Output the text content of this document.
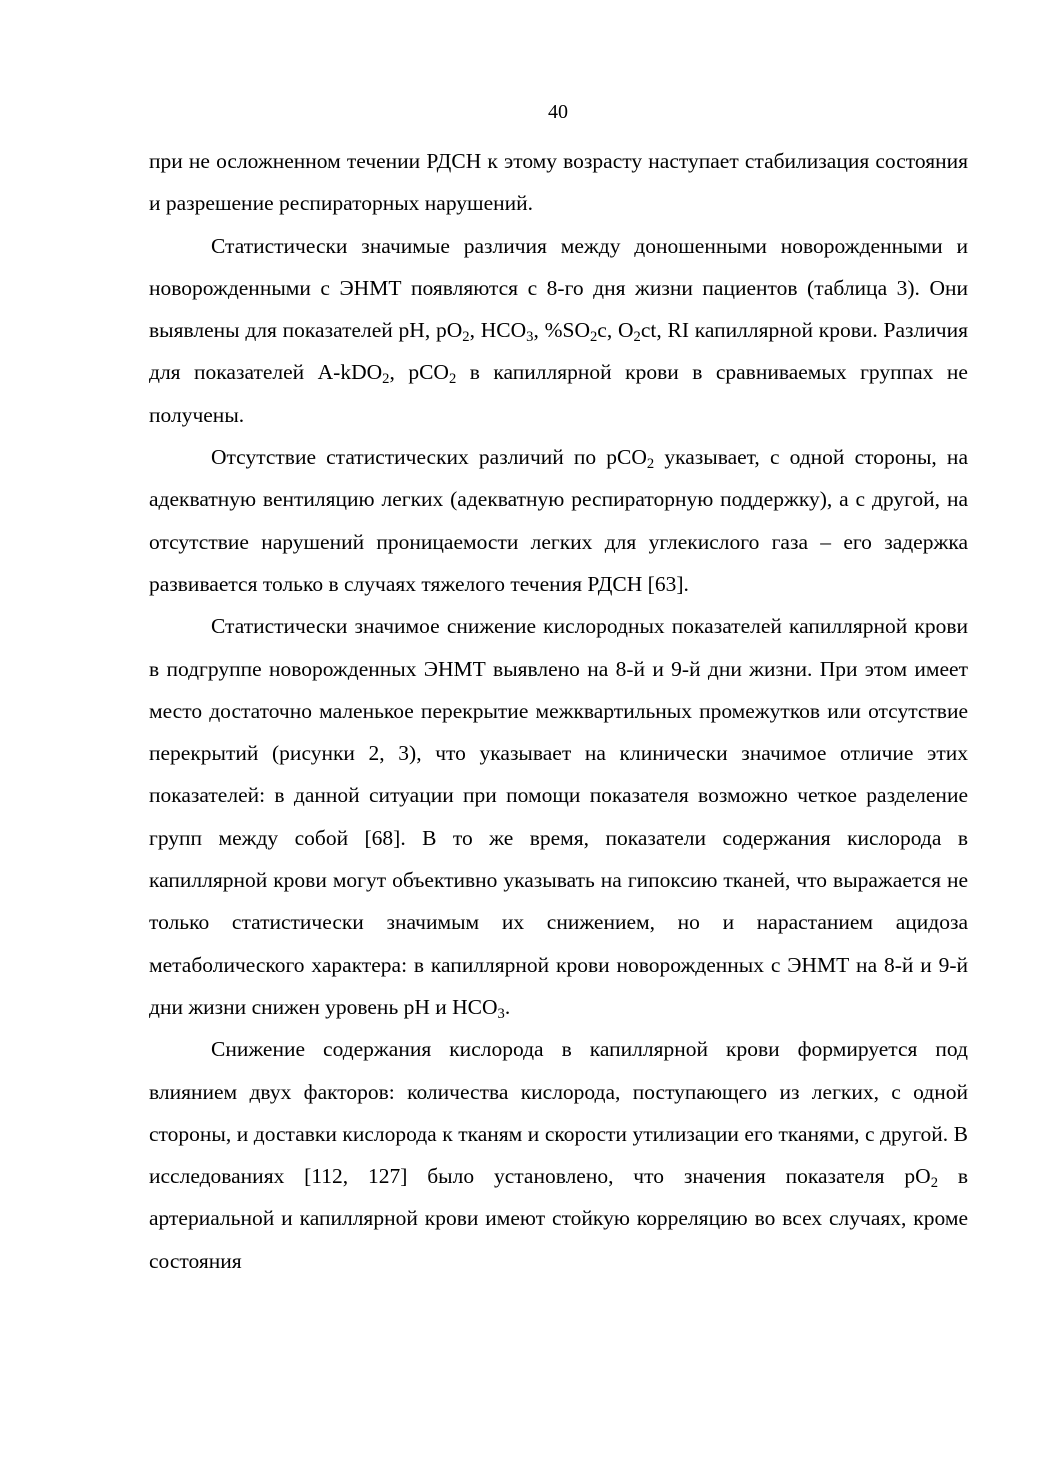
40

при не осложненном течении РДСН к этому возрасту наступает стабилизация состояния и разрешение респираторных нарушений.

Статистически значимые различия между доношенными новорожденными и новорожденными с ЭНМТ появляются с 8-го дня жизни пациентов (таблица 3). Они выявлены для показателей pH, $pO_2$, $HCO_3$, $\%SO_2c$, $O_2ct$, RI капиллярной крови. Различия для показателей A-kDO$_2$, pCO$_2$ в капиллярной крови в сравниваемых группах не получены.

Отсутствие статистических различий по pCO$_2$ указывает, с одной стороны, на адекватную вентиляцию легких (адекватную респираторную поддержку), а с другой, на отсутствие нарушений проницаемости легких для углекислого газа – его задержка развивается только в случаях тяжелого течения РДСН [63].

Статистически значимое снижение кислородных показателей капиллярной крови в подгруппе новорожденных ЭНМТ выявлено на 8-й и 9-й дни жизни. При этом имеет место достаточно маленькое перекрытие межквартильных промежутков или отсутствие перекрытий (рисунки 2, 3), что указывает на клинически значимое отличие этих показателей: в данной ситуации при помощи показателя возможно четкое разделение групп между собой [68]. В то же время, показатели содержания кислорода в капиллярной крови могут объективно указывать на гипоксию тканей, что выражается не только статистически значимым их снижением, но и нарастанием ацидоза метаболического характера: в капиллярной крови новорожденных с ЭНМТ на 8-й и 9-й дни жизни снижен уровень pH и $HCO_3$.

Снижение содержания кислорода в капиллярной крови формируется под влиянием двух факторов: количества кислорода, поступающего из легких, с одной стороны, и доставки кислорода к тканям и скорости утилизации его тканями, с другой. В исследованиях [112, 127] было установлено, что значения показателя $pO_2$ в артериальной и капиллярной крови имеют стойкую корреляцию во всех случаях, кроме состояния
